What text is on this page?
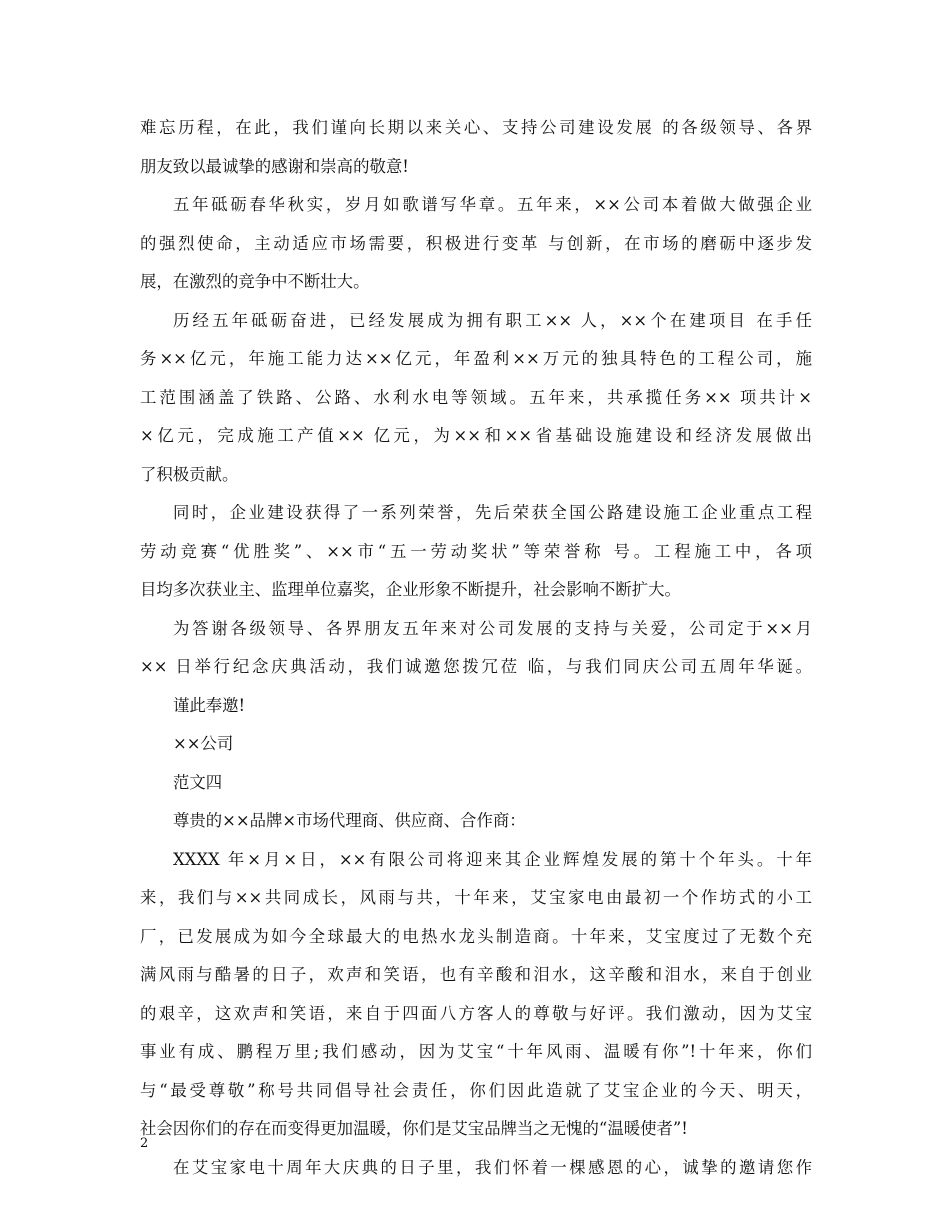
难忘历程，在此，我们谨向长期以来关心、支持公司建设发展 的各级领导、各界
朋友致以最诚挚的感谢和崇高的敬意!
五年砥砺春华秋实，岁月如歌谱写华章。五年来，××公司本着做大做强企业
的强烈使命，主动适应市场需要，积极进行变革 与创新，在市场的磨砺中逐步发
展，在激烈的竞争中不断壮大。
历经五年砥砺奋进，已经发展成为拥有职工×× 人，××个在建项目 在手任
务××亿元，年施工能力达××亿元，年盈利××万元的独具特色的工程公司，施
工范围涵盖了铁路、公路、水利水电等领域。五年来，共承揽任务×× 项共计×
×亿元，完成施工产值×× 亿元，为××和××省基础设施建设和经济发展做出
了积极贡献。
同时，企业建设获得了一系列荣誉，先后荣获全国公路建设施工企业重点工程
劳动竞赛“优胜奖”、××市“五一劳动奖状”等荣誉称 号。工程施工中，各项
目均多次获业主、监理单位嘉奖，企业形象不断提升，社会影响不断扩大。
为答谢各级领导、各界朋友五年来对公司发展的支持与关爱，公司定于××月
×× 日举行纪念庆典活动，我们诚邀您拨冗莅 临，与我们同庆公司五周年华诞。
谨此奉邀!
××公司
范文四
尊贵的××品牌×市场代理商、供应商、合作商：
XXXX 年×月×日，××有限公司将迎来其企业辉煌发展的第十个年头。十年
来，我们与××共同成长，风雨与共，十年来，艾宝家电由最初一个作坊式的小工
厂，已发展成为如今全球最大的电热水龙头制造商。十年来，艾宝度过了无数个充
满风雨与酷暑的日子，欢声和笑语，也有辛酸和泪水，这辛酸和泪水，来自于创业
的艰辛，这欢声和笑语，来自于四面八方客人的尊敬与好评。我们激动，因为艾宝
事业有成、鹏程万里;我们感动，因为艾宝“十年风雨、温暖有你”!十年来，你们
与“最受尊敬”称号共同倡导社会责任，你们因此造就了艾宝企业的今天、明天，
社会因你们的存在而变得更加温暖，你们是艾宝品牌当之无愧的“温暖使者”!
在艾宝家电十周年大庆典的日子里，我们怀着一棵感恩的心，诚挚的邀请您作
2
